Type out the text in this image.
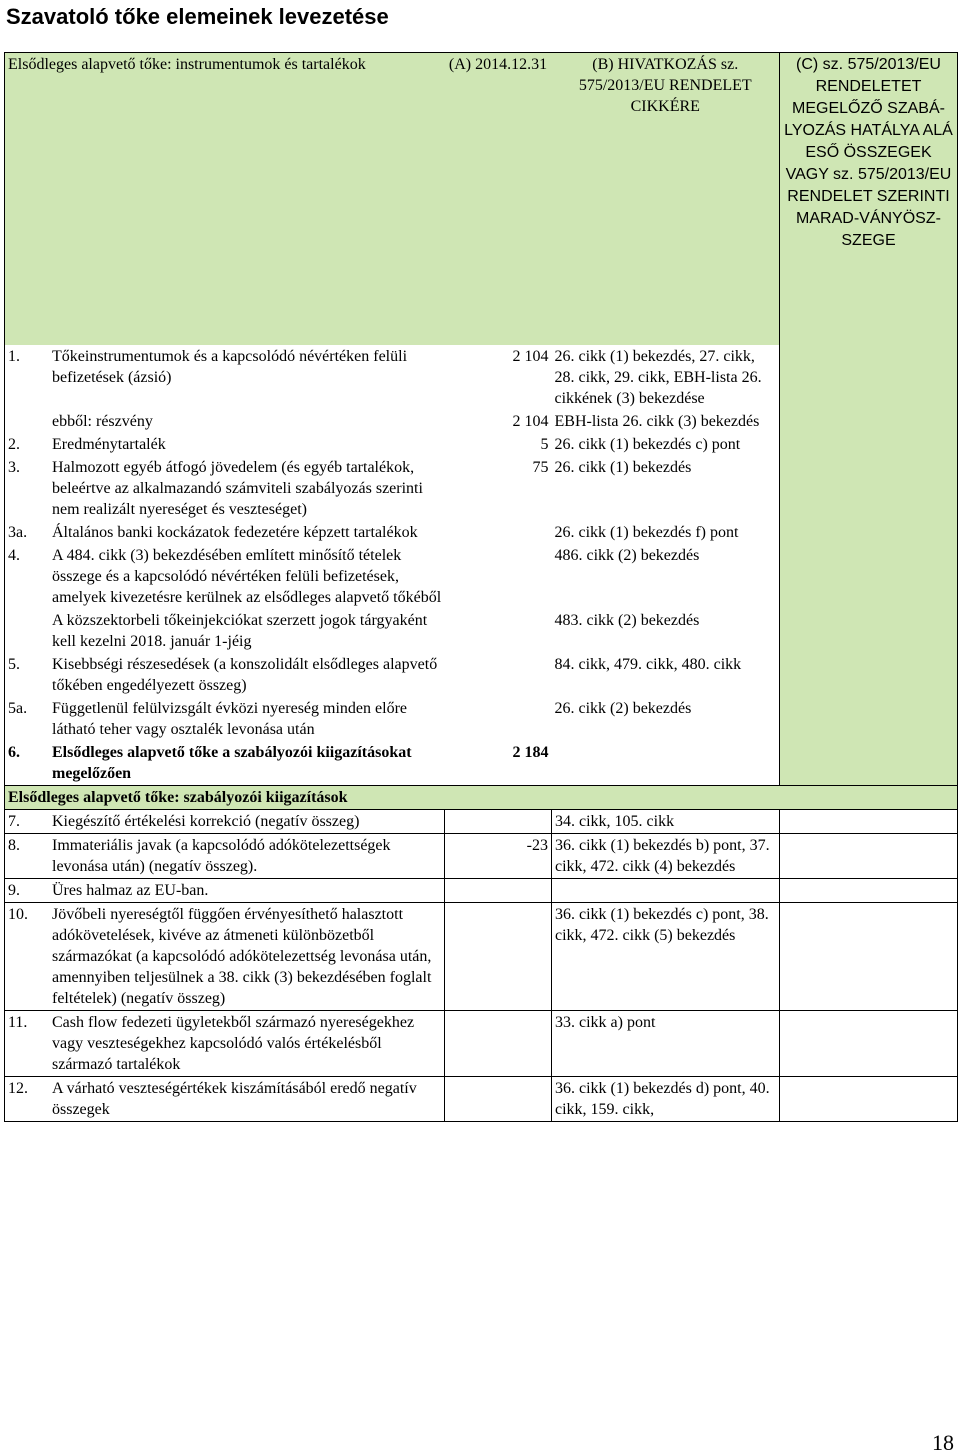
Szavatoló tőke elemeinek levezetése
Elsődleges alapvető tőke: instrumentumok és tartalékok	(A) 2014.12.31	(B) HIVATKOZÁS sz. 575/2013/EU RENDELET CIKKÉRE	(C) sz. 575/2013/EU RENDELETET MEGELŐZŐ SZABÁ-LYOZÁS HATÁLYA ALÁ ESŐ ÖSSZEGEK VAGY sz. 575/2013/EU RENDELET SZERINTI MARAD-VÁNYÖSZ-SZEGE

1. Tőkeinstrumentumok és a kapcsolódó névértéken felüli befizetések (ázsió)	2 104	26. cikk (1) bekezdés, 27. cikk, 28. cikk, 29. cikk, EBH-lista 26. cikkének (3) bekezdése	

ebből: részvény	2 104	EBH-lista 26. cikk (3) bekezdés	

2. Eredménytartalék	5	26. cikk (1) bekezdés c) pont	

3. Halmozott egyéb átfogó jövedelem (és egyéb tartalékok, beleértve az alkalmazandó számviteli szabályozás szerinti nem realizált nyereséget és veszteséget)	75	26. cikk (1) bekezdés	

3a. Általános banki kockázatok fedezetére képzett tartalékok		26. cikk (1) bekezdés f) pont	

4. A 484. cikk (3) bekezdésében említett minősítő tételek összege és a kapcsolódó névértéken felüli befizetések, amelyek kivezetésre kerülnek az elsődleges alapvető tőkéből		486. cikk (2) bekezdés	

A közszektorbeli tőkeinjekciókat szerzett jogok tárgyaként kell kezelni 2018. január 1-jéig		483. cikk (2) bekezdés	

5. Kisebbségi részesedések (a konszolidált elsődleges alapvető tőkében engedélyezett összeg)		84. cikk, 479. cikk, 480. cikk	

5a. Függetlenül felülvizsgált évközi nyereség minden előre látható teher vagy osztalék levonása után		26. cikk (2) bekezdés	

6. Elsődleges alapvető tőke a szabályozói kiigazításokat megelőzően	2 184		

Elsődleges alapvető tőke: szabályozói kiigazítások			

7. Kiegészítő értékelési korrekció (negatív összeg)		34. cikk, 105. cikk	

8. Immateriális javak (a kapcsolódó adókötelezettségek levonása után) (negatív összeg).	-23	36. cikk (1) bekezdés b) pont, 37. cikk, 472. cikk (4) bekezdés	

9. Üres halmaz az EU-ban.			

10. Jövőbeli nyereségtől függően érvényesíthető halasztott adókövetelések, kivéve az átmeneti különbözetből származókat (a kapcsolódó adókötelezettség levonása után, amennyiben teljesülnek a 38. cikk (3) bekezdésében foglalt feltételek) (negatív összeg)		36. cikk (1) bekezdés c) pont, 38. cikk, 472. cikk (5) bekezdés	

11. Cash flow fedezeti ügyletekből származó nyereségekhez vagy veszteségekhez kapcsolódó valós értékelésből származó tartalékok		33. cikk a) pont	

12. A várható veszteségértékek kiszámításából eredő negatív összegek		36. cikk (1) bekezdés d) pont, 40. cikk, 159. cikk,	
18
